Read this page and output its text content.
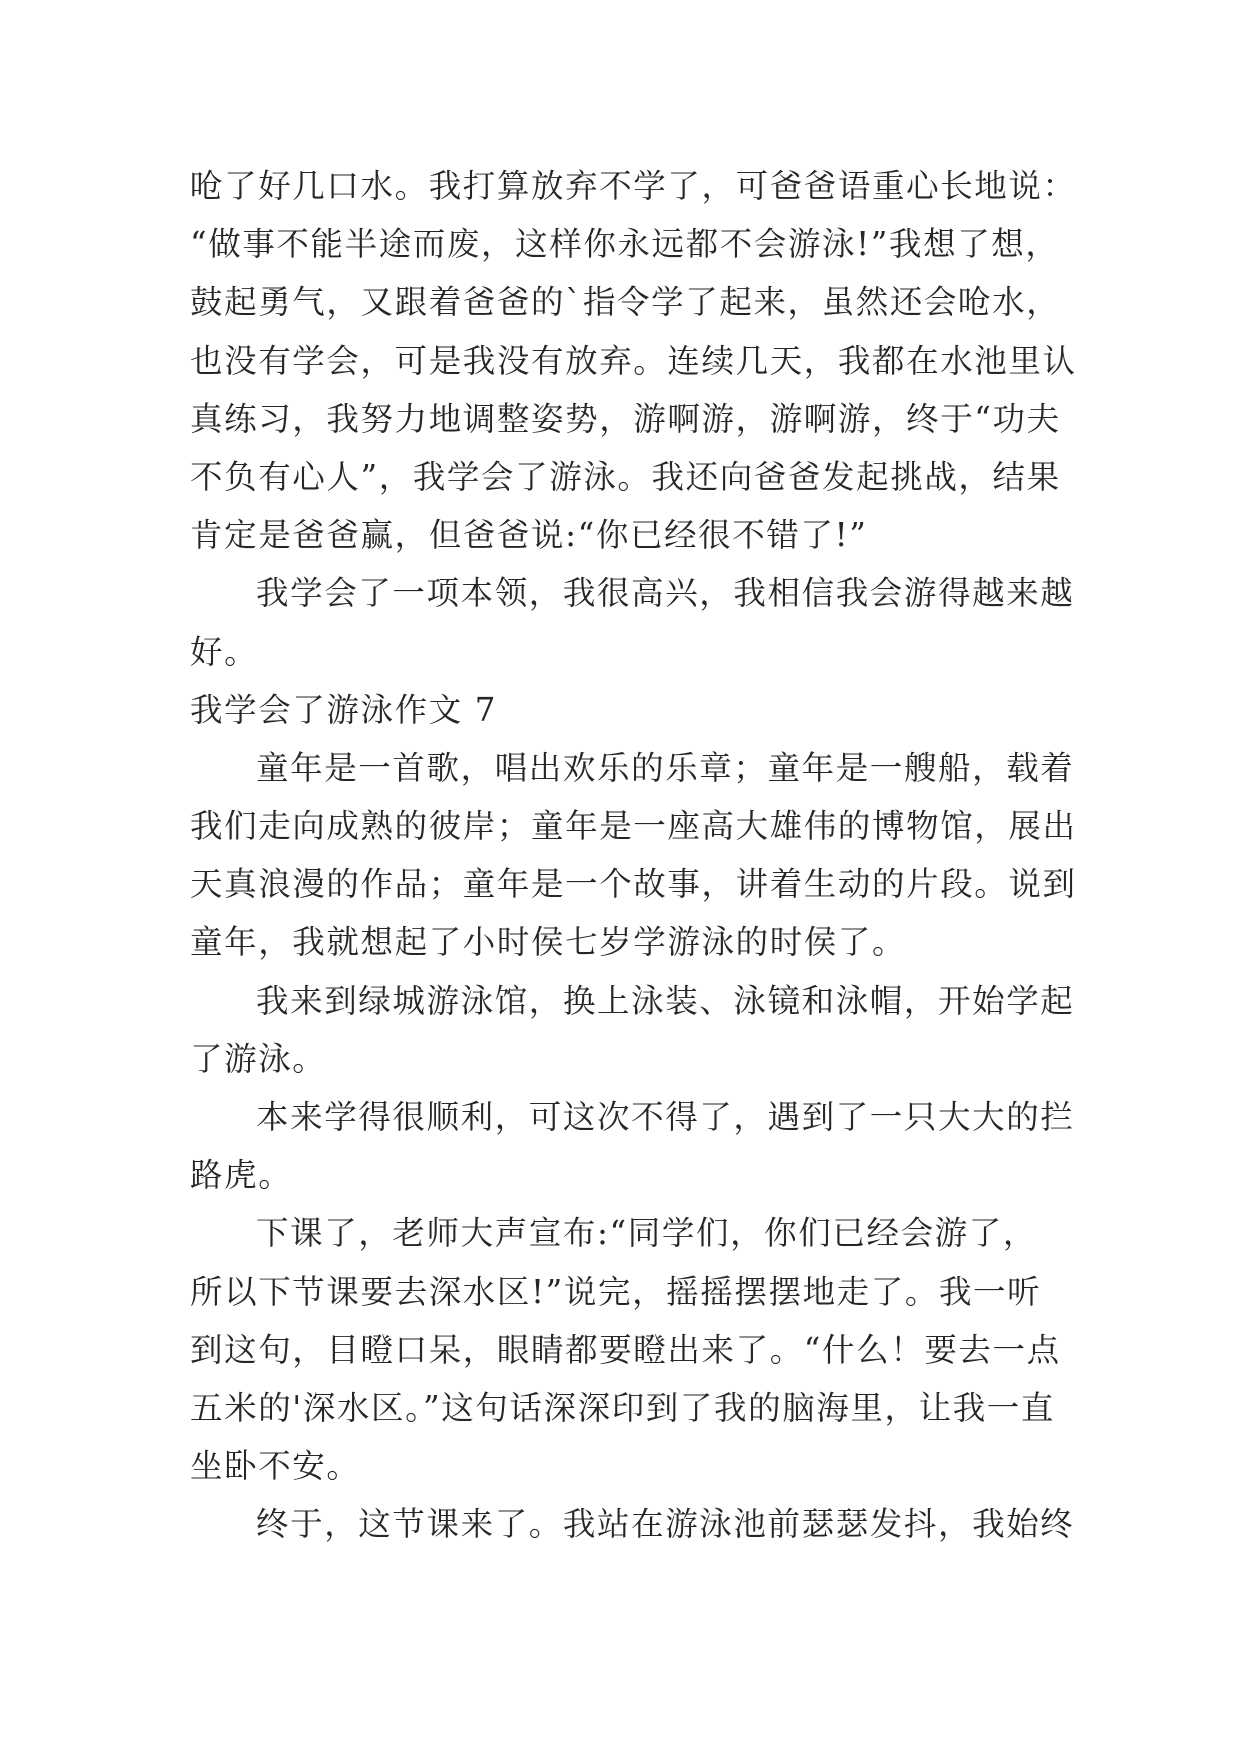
呛了好几口水。我打算放弃不学了，可爸爸语重心长地说：
“做事不能半途而废，这样你永远都不会游泳!”我想了想，
鼓起勇气，又跟着爸爸的`指令学了起来，虽然还会呛水，
也没有学会，可是我没有放弃。连续几天，我都在水池里认
真练习，我努力地调整姿势，游啊游，游啊游，终于“功夫
不负有心人”，我学会了游泳。我还向爸爸发起挑战，结果
肯定是爸爸赢，但爸爸说:“你已经很不错了!”
我学会了一项本领，我很高兴，我相信我会游得越来越
好。
我学会了游泳作文 7
童年是一首歌，唱出欢乐的乐章；童年是一艘船，载着
我们走向成熟的彼岸；童年是一座高大雄伟的博物馆，展出
天真浪漫的作品；童年是一个故事，讲着生动的片段。说到
童年，我就想起了小时侯七岁学游泳的时侯了。
我来到绿城游泳馆，换上泳装、泳镜和泳帽，开始学起
了游泳。
本来学得很顺利，可这次不得了，遇到了一只大大的拦
路虎。
下课了，老师大声宣布:“同学们，你们已经会游了，
所以下节课要去深水区!”说完，摇摇摆摆地走了。我一听
到这句，目瞪口呆，眼睛都要瞪出来了。“什么！要去一点
五米的'深水区。”这句话深深印到了我的脑海里，让我一直
坐卧不安。
终于，这节课来了。我站在游泳池前瑟瑟发抖，我始终
